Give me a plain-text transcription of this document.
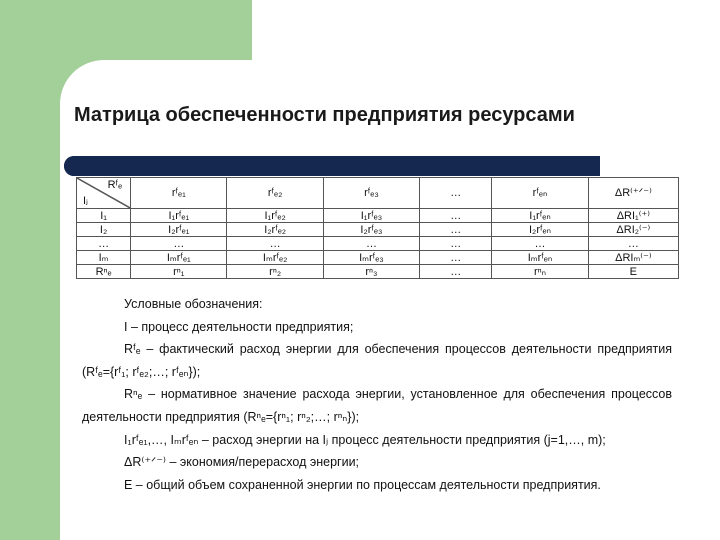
Матрица обеспеченности предприятия ресурсами
Rᶠₑ
Iⱼ	rᶠₑ₁	rᶠₑ₂	rᶠₑ₃	…	rᶠₑₙ	ΔR⁽⁺ᐟ⁻⁾
I₁	I₁rᶠₑ₁	I₁rᶠₑ₂	I₁rᶠₑ₃	…	I₁rᶠₑₙ	ΔRI₁⁽⁺⁾
I₂	I₂rᶠₑ₁	I₂rᶠₑ₂	I₂rᶠₑ₃	…	I₂rᶠₑₙ	ΔRI₂⁽⁻⁾
…	…	…	…	…	…	…
Iₘ	Iₘrᶠₑ₁	Iₘrᶠₑ₂	Iₘrᶠₑ₃	…	Iₘrᶠₑₙ	ΔRIₘ⁽⁻⁾
Rⁿₑ	rⁿ₁	rⁿ₂	rⁿ₃	…	rⁿₙ	E

Условные обозначения:

I – процесс деятельности предприятия;

Rᶠₑ – фактический расход энергии для обеспечения процессов деятельности предприятия (Rᶠₑ={rᶠ₁; rᶠₑ₂;…; rᶠₑₙ});

Rⁿₑ – нормативное значение расхода энергии, установленное для обеспечения процессов деятельности предприятия (Rⁿₑ={rⁿ₁; rⁿ₂;…; rⁿₙ});

I₁rᶠₑ₁,…, Iₘrᶠₑₙ – расход энергии на Iⱼ процесс деятельности предприятия (j=1,…, m);

ΔR⁽⁺ᐟ⁻⁾ – экономия/перерасход энергии;

E – общий объем сохраненной энергии по процессам деятельности предприятия.
